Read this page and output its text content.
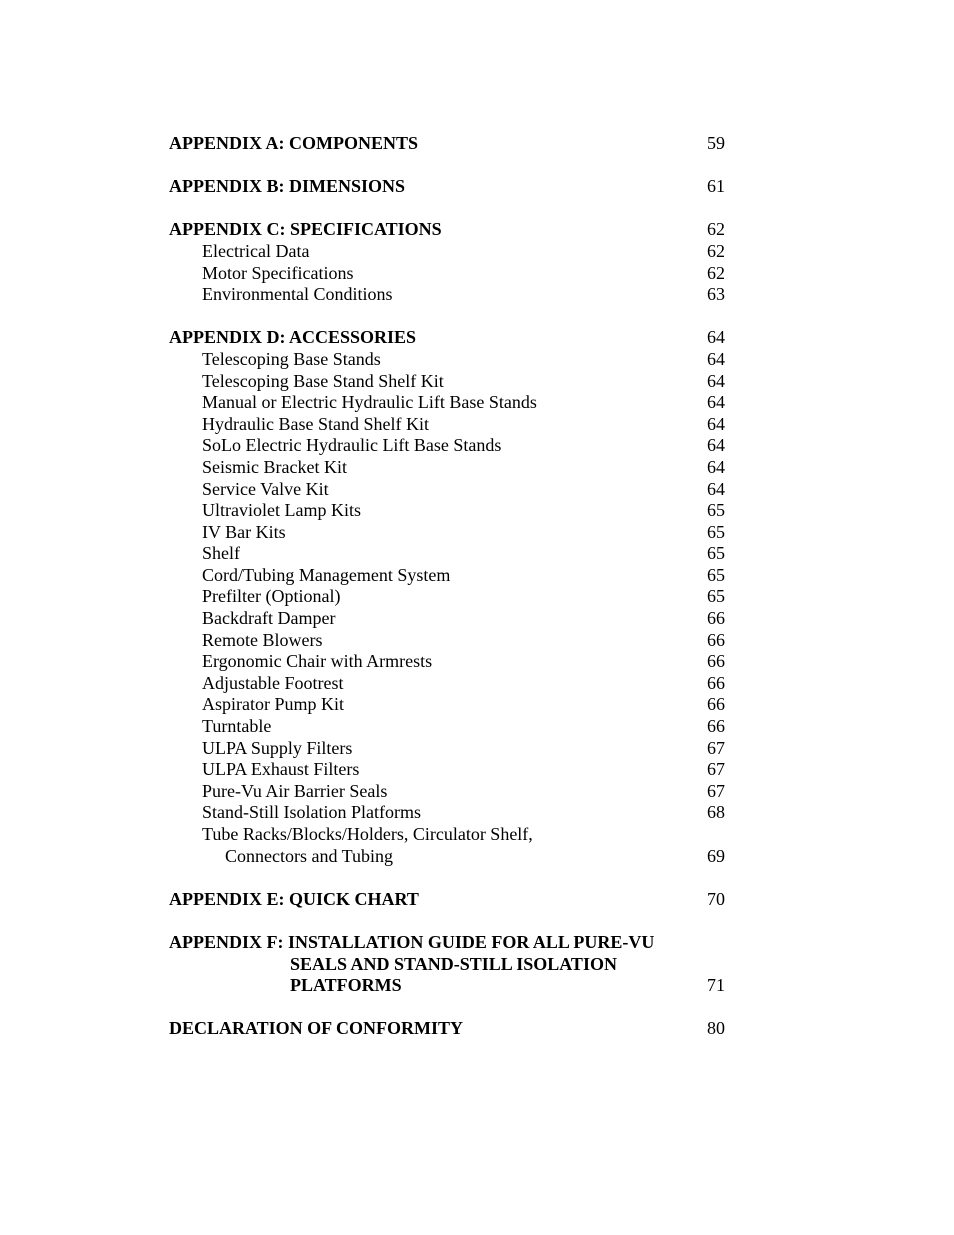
APPENDIX A: COMPONENTS	59
APPENDIX B: DIMENSIONS	61
APPENDIX C: SPECIFICATIONS	62
Electrical Data	62
Motor Specifications	62
Environmental Conditions	63
APPENDIX D: ACCESSORIES	64
Telescoping Base Stands	64
Telescoping Base Stand Shelf Kit	64
Manual or Electric Hydraulic Lift Base Stands	64
Hydraulic Base Stand Shelf Kit	64
SoLo Electric Hydraulic Lift Base Stands	64
Seismic Bracket Kit	64
Service Valve Kit	64
Ultraviolet Lamp Kits	65
IV Bar Kits	65
Shelf	65
Cord/Tubing Management System	65
Prefilter (Optional)	65
Backdraft Damper	66
Remote Blowers	66
Ergonomic Chair with Armrests	66
Adjustable Footrest	66
Aspirator Pump Kit	66
Turntable	66
ULPA Supply Filters	67
ULPA Exhaust Filters	67
Pure-Vu Air Barrier Seals	67
Stand-Still Isolation Platforms	68
Tube Racks/Blocks/Holders, Circulator Shelf,
Connectors and Tubing	69
APPENDIX E: QUICK CHART	70
APPENDIX F: INSTALLATION GUIDE FOR ALL PURE-VU
SEALS AND STAND-STILL ISOLATION
PLATFORMS	71
DECLARATION OF CONFORMITY	80
